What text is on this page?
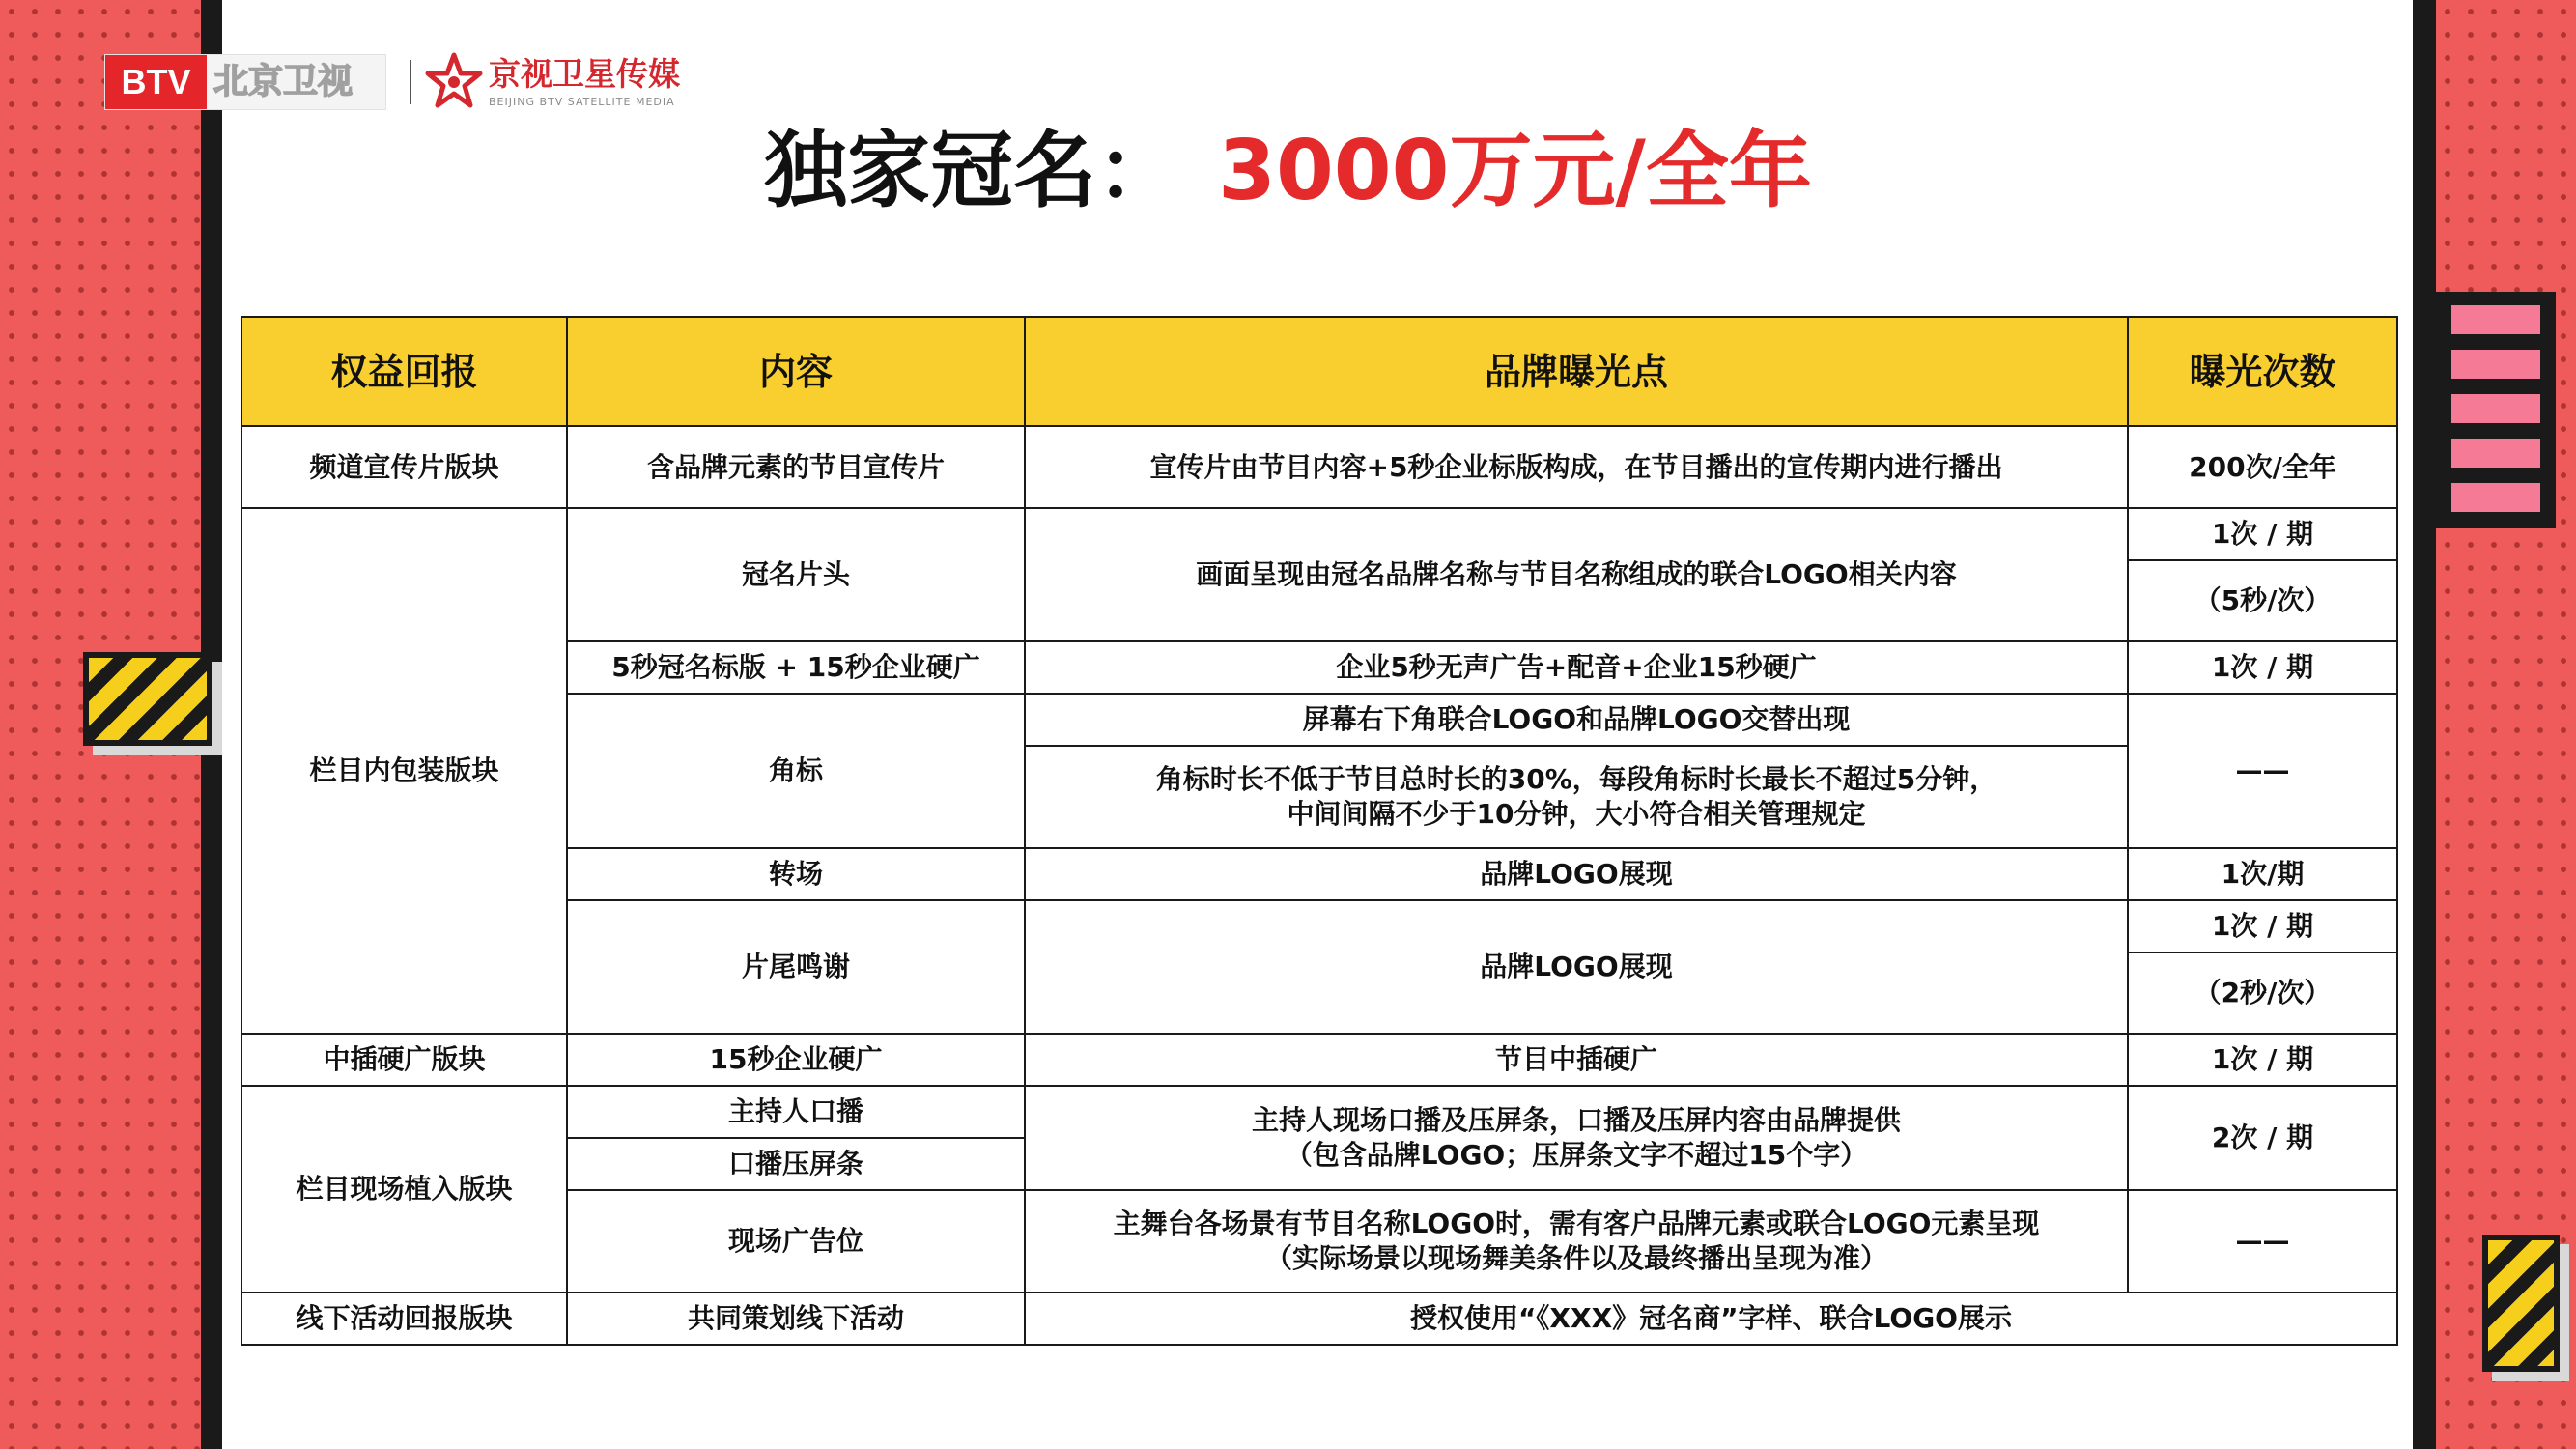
BTV 北京卫视	京视卫星传媒
BEIJING BTV SATELLITE MEDIA
独家冠名： 3000万元/全年
权益回报	内容	品牌曝光点	曝光次数
频道宣传片版块	含品牌元素的节目宣传片	宣传片由节目内容+5秒企业标版构成，在节目播出的宣传期内进行播出	200次/全年
栏目内包装版块	冠名片头	画面呈现由冠名品牌名称与节目名称组成的联合LOGO相关内容	1次 / 期
			（5秒/次）
	5秒冠名标版 + 15秒企业硬广	企业5秒无声广告+配音+企业15秒硬广	1次 / 期
	角标	屏幕右下角联合LOGO和品牌LOGO交替出现	——

		角标时长不低于节目总时长的30%，每段角标时长最长不超过5分钟，
中间间隔不少于10分钟，大小符合相关管理规定	

	转场	品牌LOGO展现	1次/期
	片尾鸣谢	品牌LOGO展现	1次 / 期
			（2秒/次）
中插硬广版块	15秒企业硬广	节目中插硬广	1次 / 期
栏目现场植入版块	主持人口播	主持人现场口播及压屏条，口播及压屏内容由品牌提供
（包含品牌LOGO；压屏条文字不超过15个字）	2次 / 期
	口播压屏条		
	现场广告位	主舞台各场景有节目名称LOGO时，需有客户品牌元素或联合LOGO元素呈现
（实际场景以现场舞美条件以及最终播出呈现为准）	——
线下活动回报版块	共同策划线下活动	授权使用“《XXX》冠名商”字样、联合LOGO展示	
